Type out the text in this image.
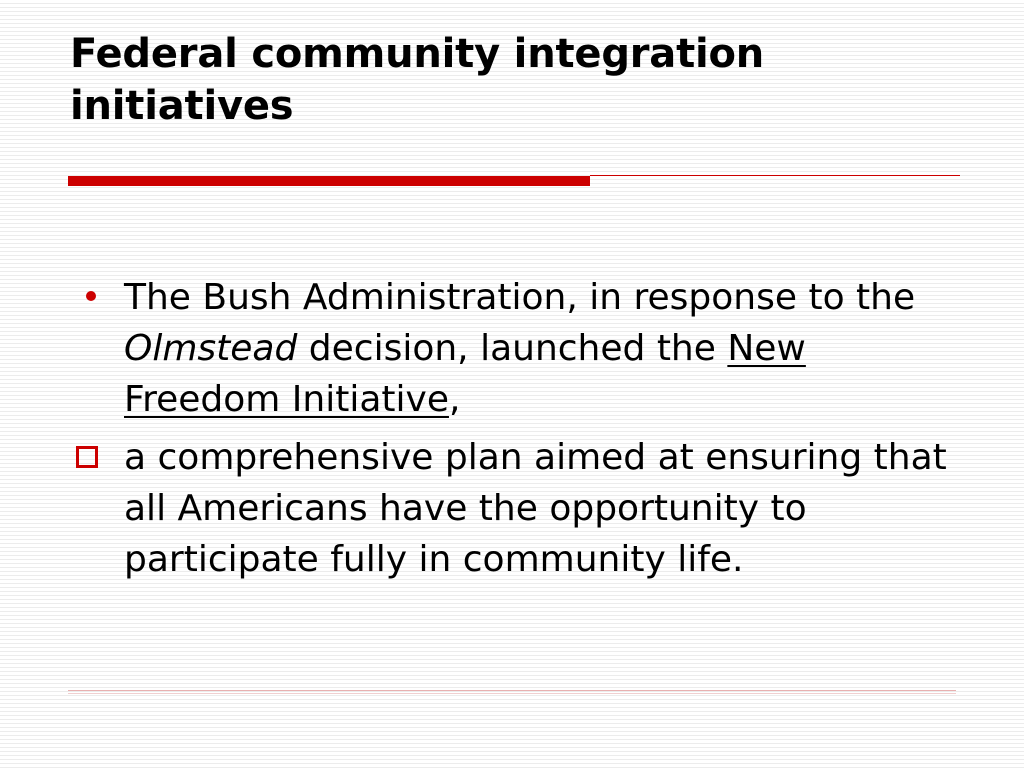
Federal community integration initiatives
The Bush Administration, in response to the Olmstead decision, launched the New Freedom Initiative,
a comprehensive plan aimed at ensuring that all Americans have the opportunity to participate fully in community life.
